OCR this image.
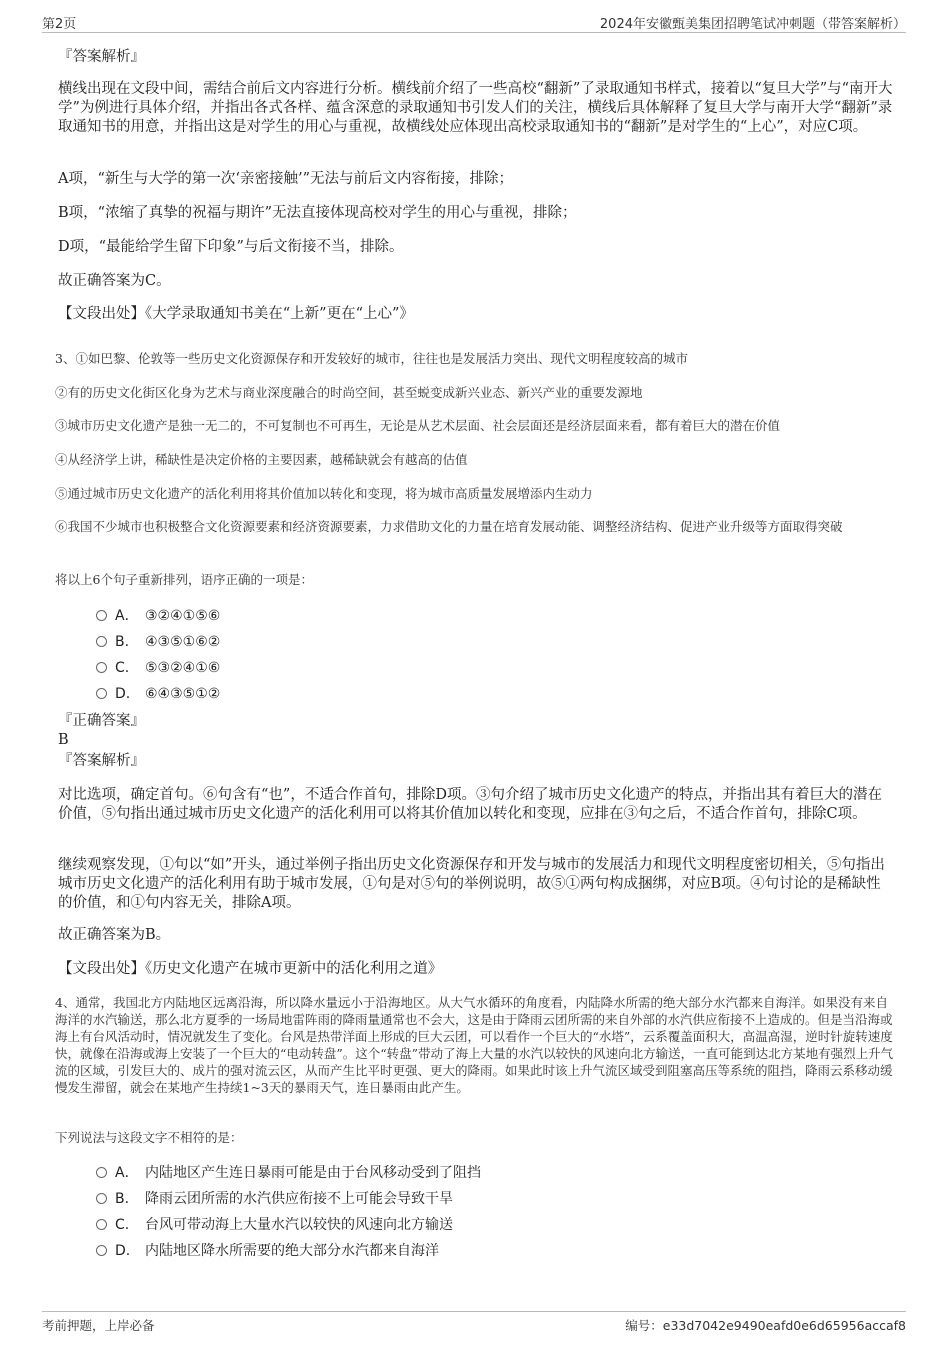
第2页	2024年安徽甄美集团招聘笔试冲刺题（带答案解析）
『答案解析』
横线出现在文段中间，需结合前后文内容进行分析。横线前介绍了一些高校“翻新”了录取通知书样式，接着以“复旦大学”与“南开大学”为例进行具体介绍，并指出各式各样、蕴含深意的录取通知书引发人们的关注，横线后具体解释了复旦大学与南开大学“翻新”录取通知书的用意，并指出这是对学生的用心与重视，故横线处应体现出高校录取通知书的“翻新”是对学生的“上心”，对应C项。
A项，“新生与大学的第一次‘亲密接触’”无法与前后文内容衔接，排除；
B项，“浓缩了真挚的祝福与期许”无法直接体现高校对学生的用心与重视，排除；
D项，“最能给学生留下印象”与后文衔接不当，排除。
故正确答案为C。
【文段出处】《大学录取通知书美在“上新”更在“上心”》
3、①如巴黎、伦敦等一些历史文化资源保存和开发较好的城市，往往也是发展活力突出、现代文明程度较高的城市
②有的历史文化街区化身为艺术与商业深度融合的时尚空间，甚至蜕变成新兴业态、新兴产业的重要发源地
③城市历史文化遗产是独一无二的，不可复制也不可再生，无论是从艺术层面、社会层面还是经济层面来看，都有着巨大的潜在价值
④从经济学上讲，稀缺性是决定价格的主要因素，越稀缺就会有越高的估值
⑤通过城市历史文化遗产的活化利用将其价值加以转化和变现，将为城市高质量发展增添内生动力
⑥我国不少城市也积极整合文化资源要素和经济资源要素，力求借助文化的力量在培育发展动能、调整经济结构、促进产业升级等方面取得突破
将以上6个句子重新排列，语序正确的一项是：
A． ③②④①⑤⑥
B. ④③⑤①⑥②
C. ⑤③②④①⑥
D. ⑥④③⑤①②
『正确答案』
B
『答案解析』
对比选项，确定首句。⑥句含有“也”，不适合作首句，排除D项。③句介绍了城市历史文化遗产的特点，并指出其有着巨大的潜在价值，⑤句指出通过城市历史文化遗产的活化利用可以将其价值加以转化和变现，应排在③句之后，不适合作首句，排除C项。
继续观察发现，①句以“如”开头，通过举例子指出历史文化资源保存和开发与城市的发展活力和现代文明程度密切相关，⑤句指出城市历史文化遗产的活化利用有助于城市发展，①句是对⑤句的举例说明，故⑤①两句构成捆绑，对应B项。④句讨论的是稀缺性的价值，和①句内容无关，排除A项。
故正确答案为B。
【文段出处】《历史文化遗产在城市更新中的活化利用之道》
4、通常，我国北方内陆地区远离沿海，所以降水量远小于沿海地区。从大气水循环的角度看，内陆降水所需的绝大部分水汽都来自海洋。如果没有来自海洋的水汽输送，那么北方夏季的一场局地雷阵雨的降雨量通常也不会大，这是由于降雨云团所需的来自外部的水汽供应衔接不上造成的。但是当沿海或海上有台风活动时，情况就发生了变化。台风是热带洋面上形成的巨大云团，可以看作一个巨大的“水塔”，云系覆盖面积大，高温高湿，逆时针旋转速度快，就像在沿海或海上安装了一个巨大的“电动转盘”。这个“转盘”带动了海上大量的水汽以较快的风速向北方输送，一直可能到达北方某地有强烈上升气流的区域，引发巨大的、成片的强对流云区，从而产生比平时更强、更大的降雨。如果此时该上升气流区域受到阻塞高压等系统的阻挡，降雨云系移动缓慢发生滞留，就会在某地产生持续1~3天的暴雨天气，连日暴雨由此产生。
下列说法与这段文字不相符的是：
A． 内陆地区产生连日暴雨可能是由于台风移动受到了阻挡
B. 降雨云团所需的水汽供应衔接不上可能会导致干旱
C. 台风可带动海上大量水汽以较快的风速向北方输送
D. 内陆地区降水所需要的绝大部分水汽都来自海洋
考前押题，上岸必备	编号：e33d7042e9490eafd0e6d65956accaf8
